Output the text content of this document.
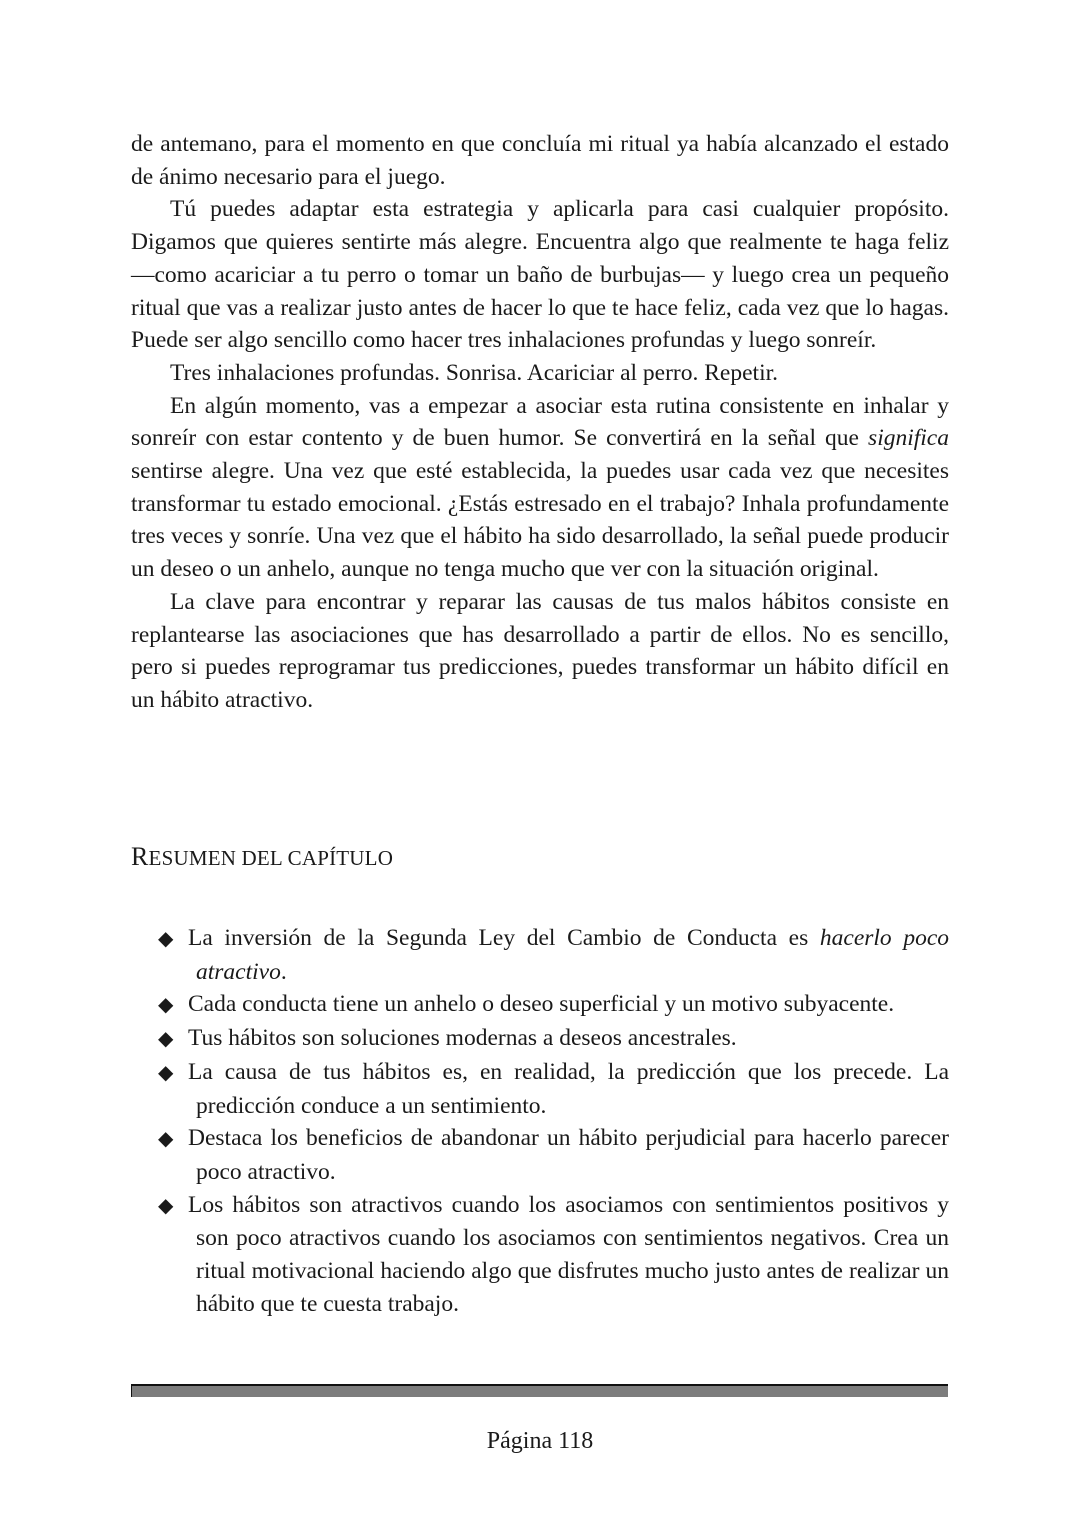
de antemano, para el momento en que concluía mi ritual ya había alcanzado el estado de ánimo necesario para el juego.

Tú puedes adaptar esta estrategia y aplicarla para casi cualquier propósito. Digamos que quieres sentirte más alegre. Encuentra algo que realmente te haga feliz —como acariciar a tu perro o tomar un baño de burbujas— y luego crea un pequeño ritual que vas a realizar justo antes de hacer lo que te hace feliz, cada vez que lo hagas. Puede ser algo sencillo como hacer tres inhalaciones profundas y luego sonreír.

Tres inhalaciones profundas. Sonrisa. Acariciar al perro. Repetir.

En algún momento, vas a empezar a asociar esta rutina consistente en inhalar y sonreír con estar contento y de buen humor. Se convertirá en la señal que significa sentirse alegre. Una vez que esté establecida, la puedes usar cada vez que necesites transformar tu estado emocional. ¿Estás estresado en el trabajo? Inhala profundamente tres veces y sonríe. Una vez que el hábito ha sido desarrollado, la señal puede producir un deseo o un anhelo, aunque no tenga mucho que ver con la situación original.

La clave para encontrar y reparar las causas de tus malos hábitos consiste en replantearse las asociaciones que has desarrollado a partir de ellos. No es sencillo, pero si puedes reprogramar tus predicciones, puedes transformar un hábito difícil en un hábito atractivo.

RESUMEN DEL CAPÍTULO
◆ La inversión de la Segunda Ley del Cambio de Conducta es hacerlo poco atractivo.
◆ Cada conducta tiene un anhelo o deseo superficial y un motivo subyacente.
◆ Tus hábitos son soluciones modernas a deseos ancestrales.
◆ La causa de tus hábitos es, en realidad, la predicción que los precede. La predicción conduce a un sentimiento.
◆ Destaca los beneficios de abandonar un hábito perjudicial para hacerlo parecer poco atractivo.
◆ Los hábitos son atractivos cuando los asociamos con sentimientos positivos y son poco atractivos cuando los asociamos con sentimientos negativos. Crea un ritual motivacional haciendo algo que disfrutes mucho justo antes de realizar un hábito que te cuesta trabajo.
Página 118
